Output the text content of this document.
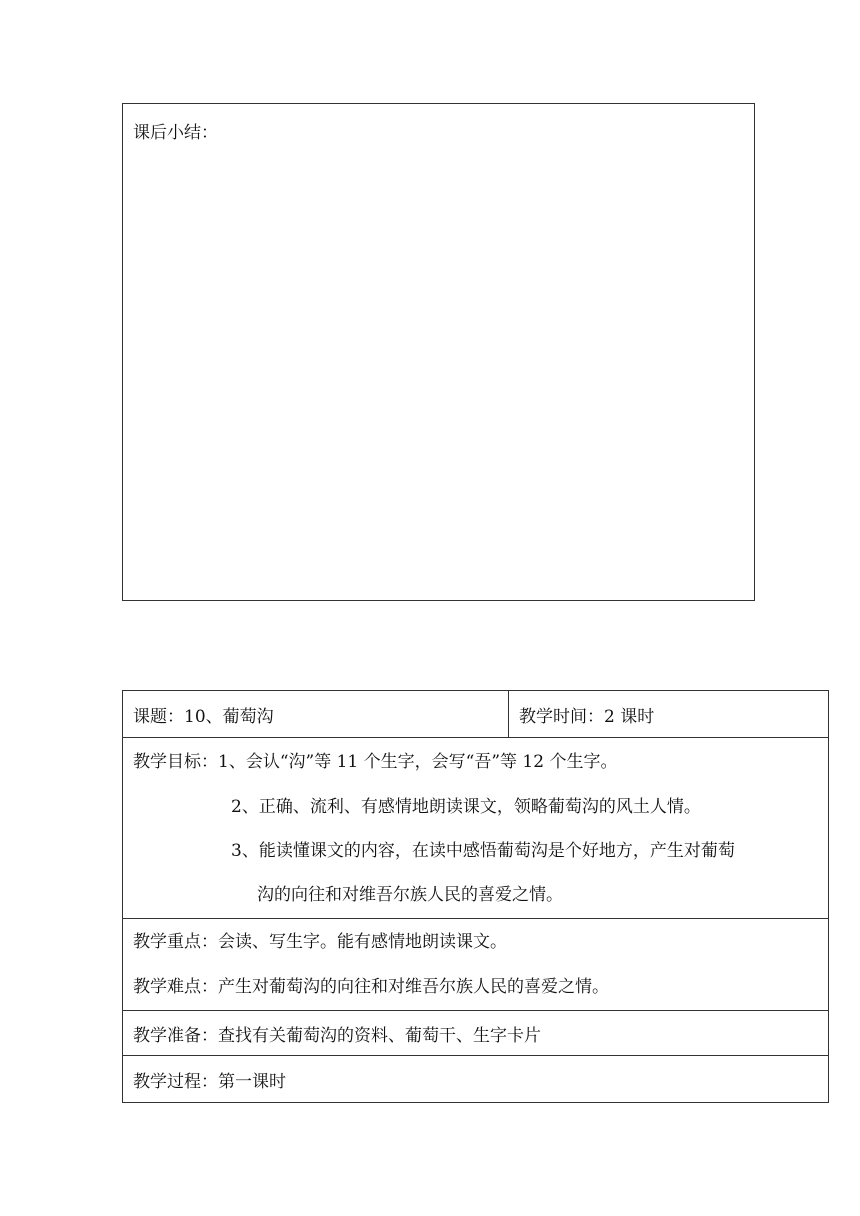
课后小结：
课题：10、葡萄沟	教学时间：2 课时

教学目标：1、会认“沟”等 11 个生字，会写“吾”等 12 个生字。
2、正确、流利、有感情地朗读课文，领略葡萄沟的风土人情。
3、能读懂课文的内容，在读中感悟葡萄沟是个好地方，产生对葡萄
沟的向往和对维吾尔族人民的喜爱之情。

教学重点：会读、写生字。能有感情地朗读课文。
教学难点：产生对葡萄沟的向往和对维吾尔族人民的喜爱之情。

教学准备：查找有关葡萄沟的资料、葡萄干、生字卡片
教学过程：第一课时
